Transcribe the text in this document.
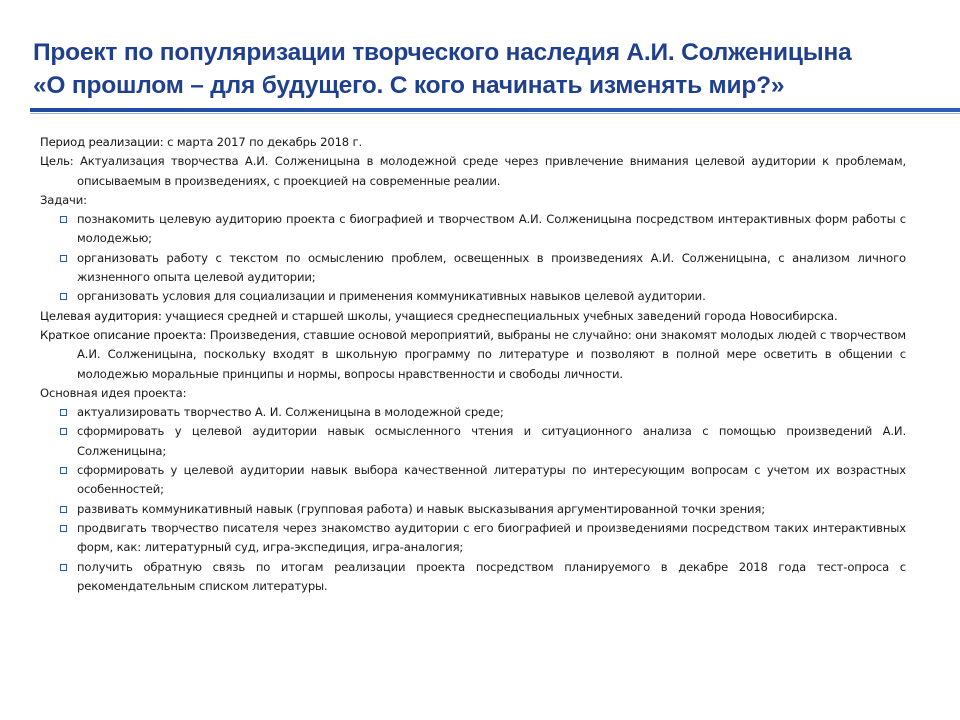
Проект по популяризации творческого наследия А.И. Солженицына
«О прошлом – для будущего. С кого начинать изменять мир?»

Период реализации: с марта 2017 по декабрь 2018 г.

Цель: Актуализация творчества А.И. Солженицына в молодежной среде через привлечение внимания целевой аудитории к проблемам, описываемым в произведениях, с проекцией на современные реалии.

Задачи:

познакомить целевую аудиторию проекта с биографией и творчеством А.И. Солженицына посредством интерактивных форм работы с молодежью;
организовать работу с текстом по осмыслению проблем, освещенных в произведениях А.И. Солженицына, с анализом личного жизненного опыта целевой аудитории;
организовать условия для социализации и применения коммуникативных навыков целевой аудитории.

Целевая аудитория: учащиеся средней и старшей школы, учащиеся среднеспециальных учебных заведений города Новосибирска.

Краткое описание проекта: Произведения, ставшие основой мероприятий, выбраны не случайно: они знакомят молодых людей с творчеством А.И. Солженицына, поскольку входят в школьную программу по литературе и позволяют в полной мере осветить в общении с молодежью моральные принципы и нормы, вопросы нравственности и свободы личности.

Основная идея проекта:

актуализировать творчество А. И. Солженицына в молодежной среде;
сформировать у целевой аудитории навык осмысленного чтения и ситуационного анализа с помощью произведений А.И. Солженицына;
сформировать у целевой аудитории навык выбора качественной литературы по интересующим вопросам с учетом их возрастных особенностей;
развивать коммуникативный навык (групповая работа) и навык высказывания аргументированной точки зрения;
продвигать творчество писателя через знакомство аудитории с его биографией и произведениями посредством таких интерактивных форм, как: литературный суд, игра-экспедиция, игра-аналогия;
получить обратную связь по итогам реализации проекта посредством планируемого в декабре 2018 года тест-опроса с рекомендательным списком литературы.
